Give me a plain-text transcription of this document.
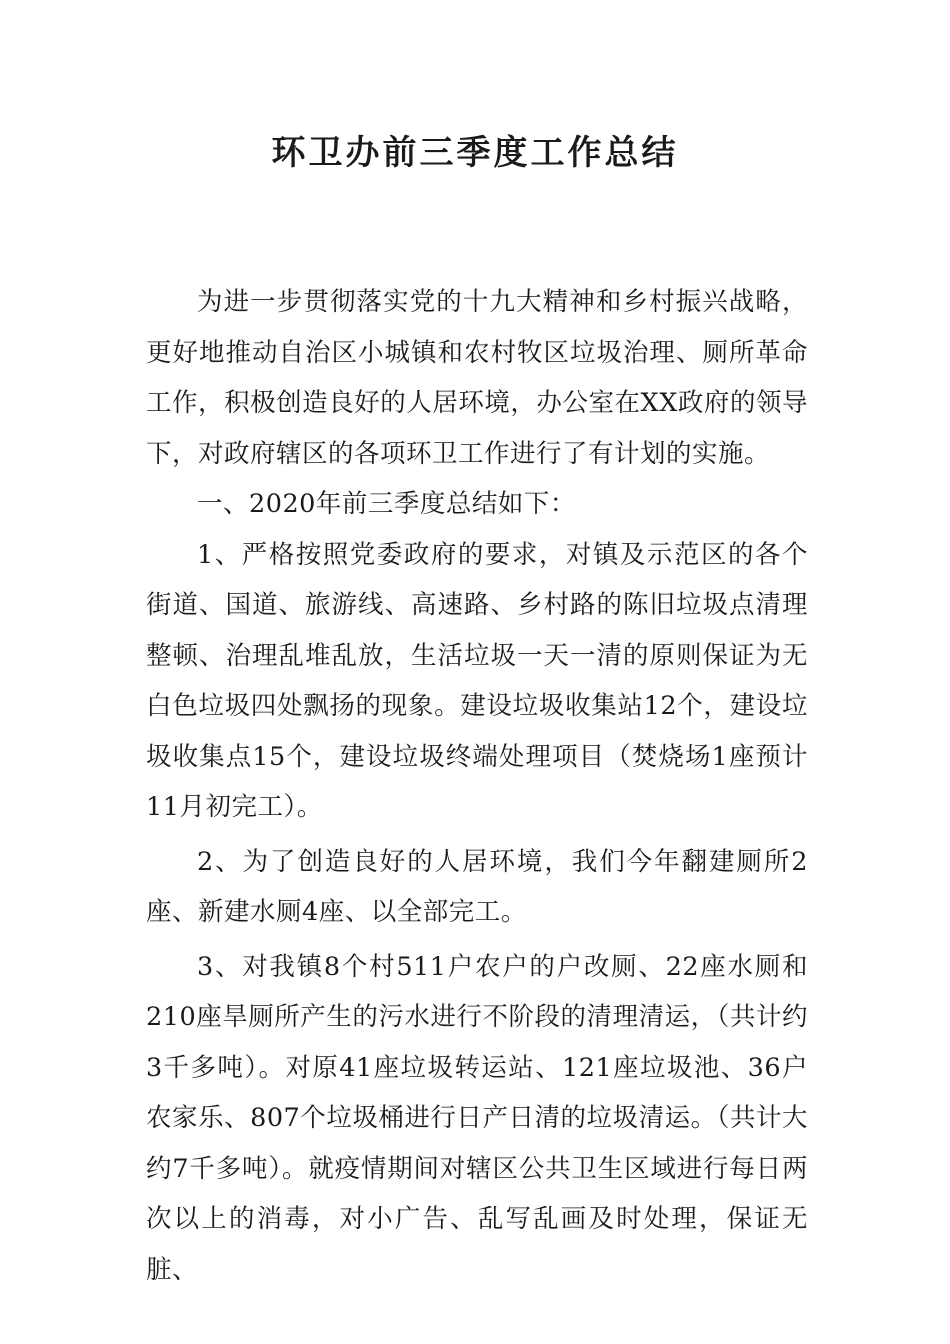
环卫办前三季度工作总结

为进一步贯彻落实党的十九大精神和乡村振兴战略，更好地推动自治区小城镇和农村牧区垃圾治理、厕所革命工作，积极创造良好的人居环境，办公室在XX政府的领导下，对政府辖区的各项环卫工作进行了有计划的实施。

一、2020年前三季度总结如下：

1、严格按照党委政府的要求，对镇及示范区的各个街道、国道、旅游线、高速路、乡村路的陈旧垃圾点清理整顿、治理乱堆乱放，生活垃圾一天一清的原则保证为无白色垃圾四处飘扬的现象。建设垃圾收集站12个，建设垃圾收集点15个，建设垃圾终端处理项目（焚烧场1座预计11月初完工）。

2、为了创造良好的人居环境，我们今年翻建厕所2座、新建水厕4座、以全部完工。

3、对我镇8个村511户农户的户改厕、22座水厕和210座旱厕所产生的污水进行不阶段的清理清运，（共计约3千多吨）。对原41座垃圾转运站、121座垃圾池、36户农家乐、807个垃圾桶进行日产日清的垃圾清运。（共计大约7千多吨）。就疫情期间对辖区公共卫生区域进行每日两次以上的消毒，对小广告、乱写乱画及时处理，保证无脏、
